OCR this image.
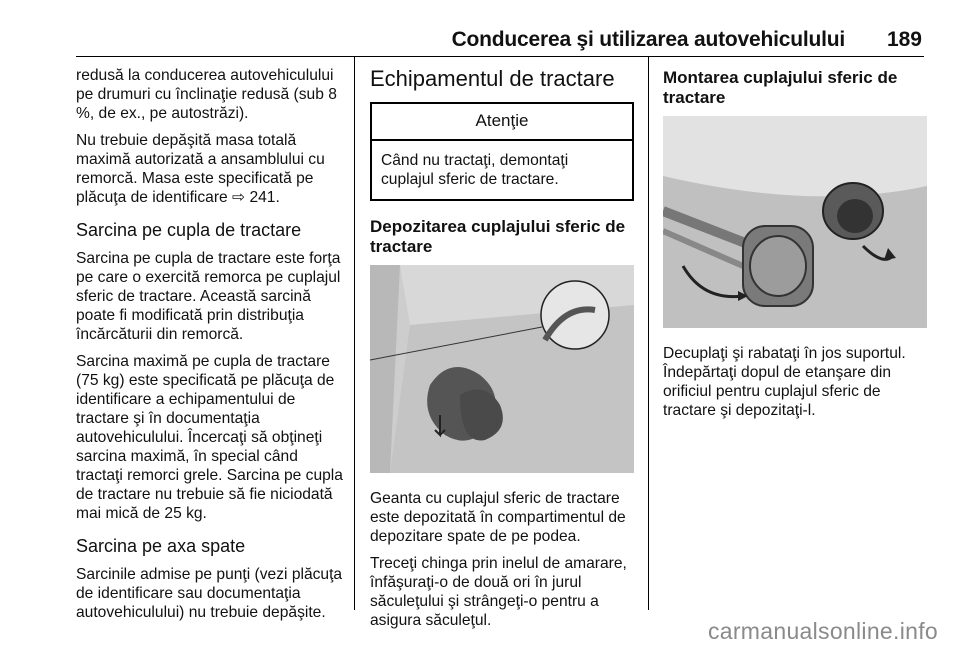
Conducerea şi utilizarea autovehiculului 189

redusă la conducerea autovehiculului pe drumuri cu înclinaţie redusă (sub 8 %, de ex., pe autostrăzi).

Nu trebuie depăşită masa totală maximă autorizată a ansamblului cu remorcă. Masa este specificată pe plăcuţa de identificare ⇨ 241.

Sarcina pe cupla de tractare

Sarcina pe cupla de tractare este forţa pe care o exercită remorca pe cuplajul sferic de tractare. Această sarcină poate fi modificată prin distribuţia încărcăturii din remorcă.

Sarcina maximă pe cupla de tractare (75 kg) este specificată pe plăcuţa de identificare a echipamentului de tractare şi în documentaţia autovehiculului. Încercaţi să obţineţi sarcina maximă, în special când tractaţi remorci grele. Sarcina pe cupla de tractare nu trebuie să fie niciodată mai mică de 25 kg.

Sarcina pe axa spate

Sarcinile admise pe punţi (vezi plăcuţa de identificare sau documentaţia autovehiculului) nu trebuie depăşite.

Echipamentul de tractare
Atenţie

Când nu tractaţi, demontaţi cuplajul sferic de tractare.

Depozitarea cuplajului sferic de tractare

Geanta cu cuplajul sferic de tractare este depozitată în compartimentul de depozitare spate de pe podea.

Treceţi chinga prin inelul de amarare, înfăşuraţi-o de două ori în jurul săculeţului şi strângeţi-o pentru a asigura săculeţul.

Montarea cuplajului sferic de tractare

Decuplaţi şi rabataţi în jos suportul. Îndepărtaţi dopul de etanşare din orificiul pentru cuplajul sferic de tractare şi depozitaţi-l.

carmanualsonline.info
